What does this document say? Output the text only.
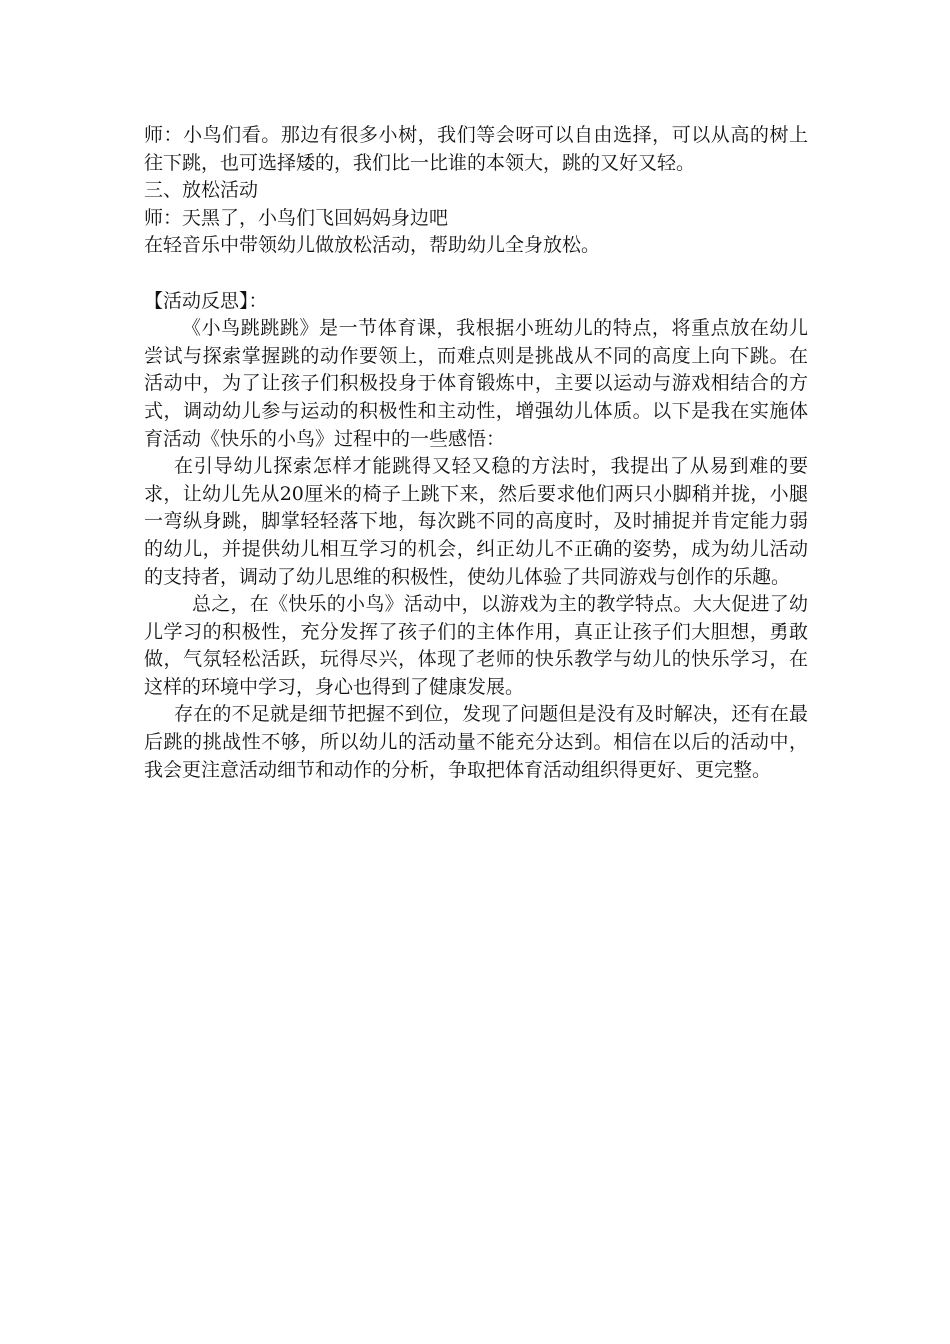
师：小鸟们看。那边有很多小树，我们等会呀可以自由选择，可以从高的树上往下跳，也可选择矮的，我们比一比谁的本领大，跳的又好又轻。

三、放松活动

师：天黑了，小鸟们飞回妈妈身边吧

在轻音乐中带领幼儿做放松活动，帮助幼儿全身放松。

【活动反思】：

《小鸟跳跳跳》是一节体育课，我根据小班幼儿的特点，将重点放在幼儿尝试与探索掌握跳的动作要领上，而难点则是挑战从不同的高度上向下跳。在活动中，为了让孩子们积极投身于体育锻炼中，主要以运动与游戏相结合的方式，调动幼儿参与运动的积极性和主动性，增强幼儿体质。以下是我在实施体育活动《快乐的小鸟》过程中的一些感悟：

在引导幼儿探索怎样才能跳得又轻又稳的方法时，我提出了从易到难的要求，让幼儿先从20厘米的椅子上跳下来，然后要求他们两只小脚稍并拢，小腿一弯纵身跳，脚掌轻轻落下地，每次跳不同的高度时，及时捕捉并肯定能力弱的幼儿，并提供幼儿相互学习的机会，纠正幼儿不正确的姿势，成为幼儿活动的支持者，调动了幼儿思维的积极性，使幼儿体验了共同游戏与创作的乐趣。

总之，在《快乐的小鸟》活动中，以游戏为主的教学特点。大大促进了幼儿学习的积极性，充分发挥了孩子们的主体作用，真正让孩子们大胆想，勇敢做，气氛轻松活跃，玩得尽兴，体现了老师的快乐教学与幼儿的快乐学习，在这样的环境中学习，身心也得到了健康发展。

存在的不足就是细节把握不到位，发现了问题但是没有及时解决，还有在最后跳的挑战性不够，所以幼儿的活动量不能充分达到。相信在以后的活动中，我会更注意活动细节和动作的分析，争取把体育活动组织得更好、更完整。
